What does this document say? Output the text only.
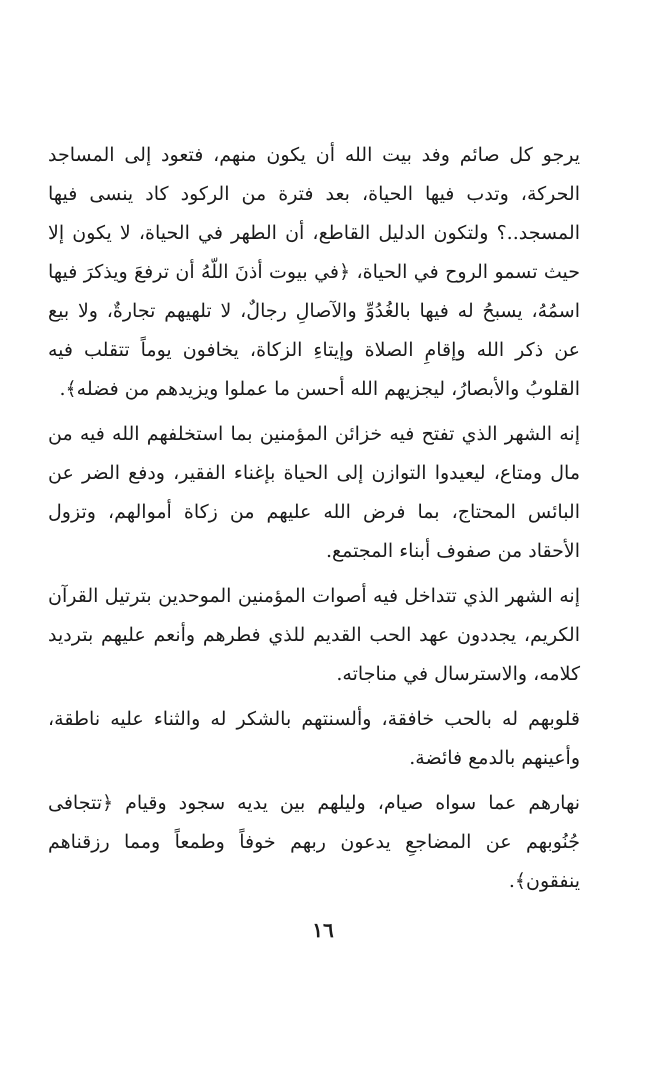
يرجو كل صائم وفد بيت الله أن يكون منهم، فتعود إلى المساجد الحركة، وتدب فيها الحياة، بعد فترة من الركود كاد ينسى فيها المسجد..؟ ولتكون الدليل القاطع، أن الطهر في الحياة، لا يكون إلا حيث تسمو الروح في الحياة، ﴿في بيوت أذنَ اللّهُ أن ترفعَ ويذكرَ فيها اسمُهُ، يسبحُ له فيها بالغُدُوِّ والآصالِ رجالٌ، لا تلهيهم تجارةٌ، ولا بيع عن ذكر الله وإقامِ الصلاة وإيتاءِ الزكاة، يخافون يوماً تتقلب فيه القلوبُ والأبصارُ، ليجزيهم الله أحسن ما عملوا ويزيدهم من فضله﴾.

إنه الشهر الذي تفتح فيه خزائن المؤمنين بما استخلفهم الله فيه من مال ومتاع، ليعيدوا التوازن إلى الحياة بإغناء الفقير، ودفع الضر عن البائس المحتاج، بما فرض الله عليهم من زكاة أموالهم، وتزول الأحقاد من صفوف أبناء المجتمع.

إنه الشهر الذي تتداخل فيه أصوات المؤمنين الموحدين بترتيل القرآن الكريم، يجددون عهد الحب القديم للذي فطرهم وأنعم عليهم بترديد كلامه، والاسترسال في مناجاته.

قلوبهم له بالحب خافقة، وألسنتهم بالشكر له والثناء عليه ناطقة، وأعينهم بالدمع فائضة.

نهارهم عما سواه صيام، وليلهم بين يديه سجود وقيام ﴿تتجافى جُنُوبهم عن المضاجعِ يدعون ربهم خوفاً وطمعاً ومما رزقناهم ينفقون﴾.

١٦
